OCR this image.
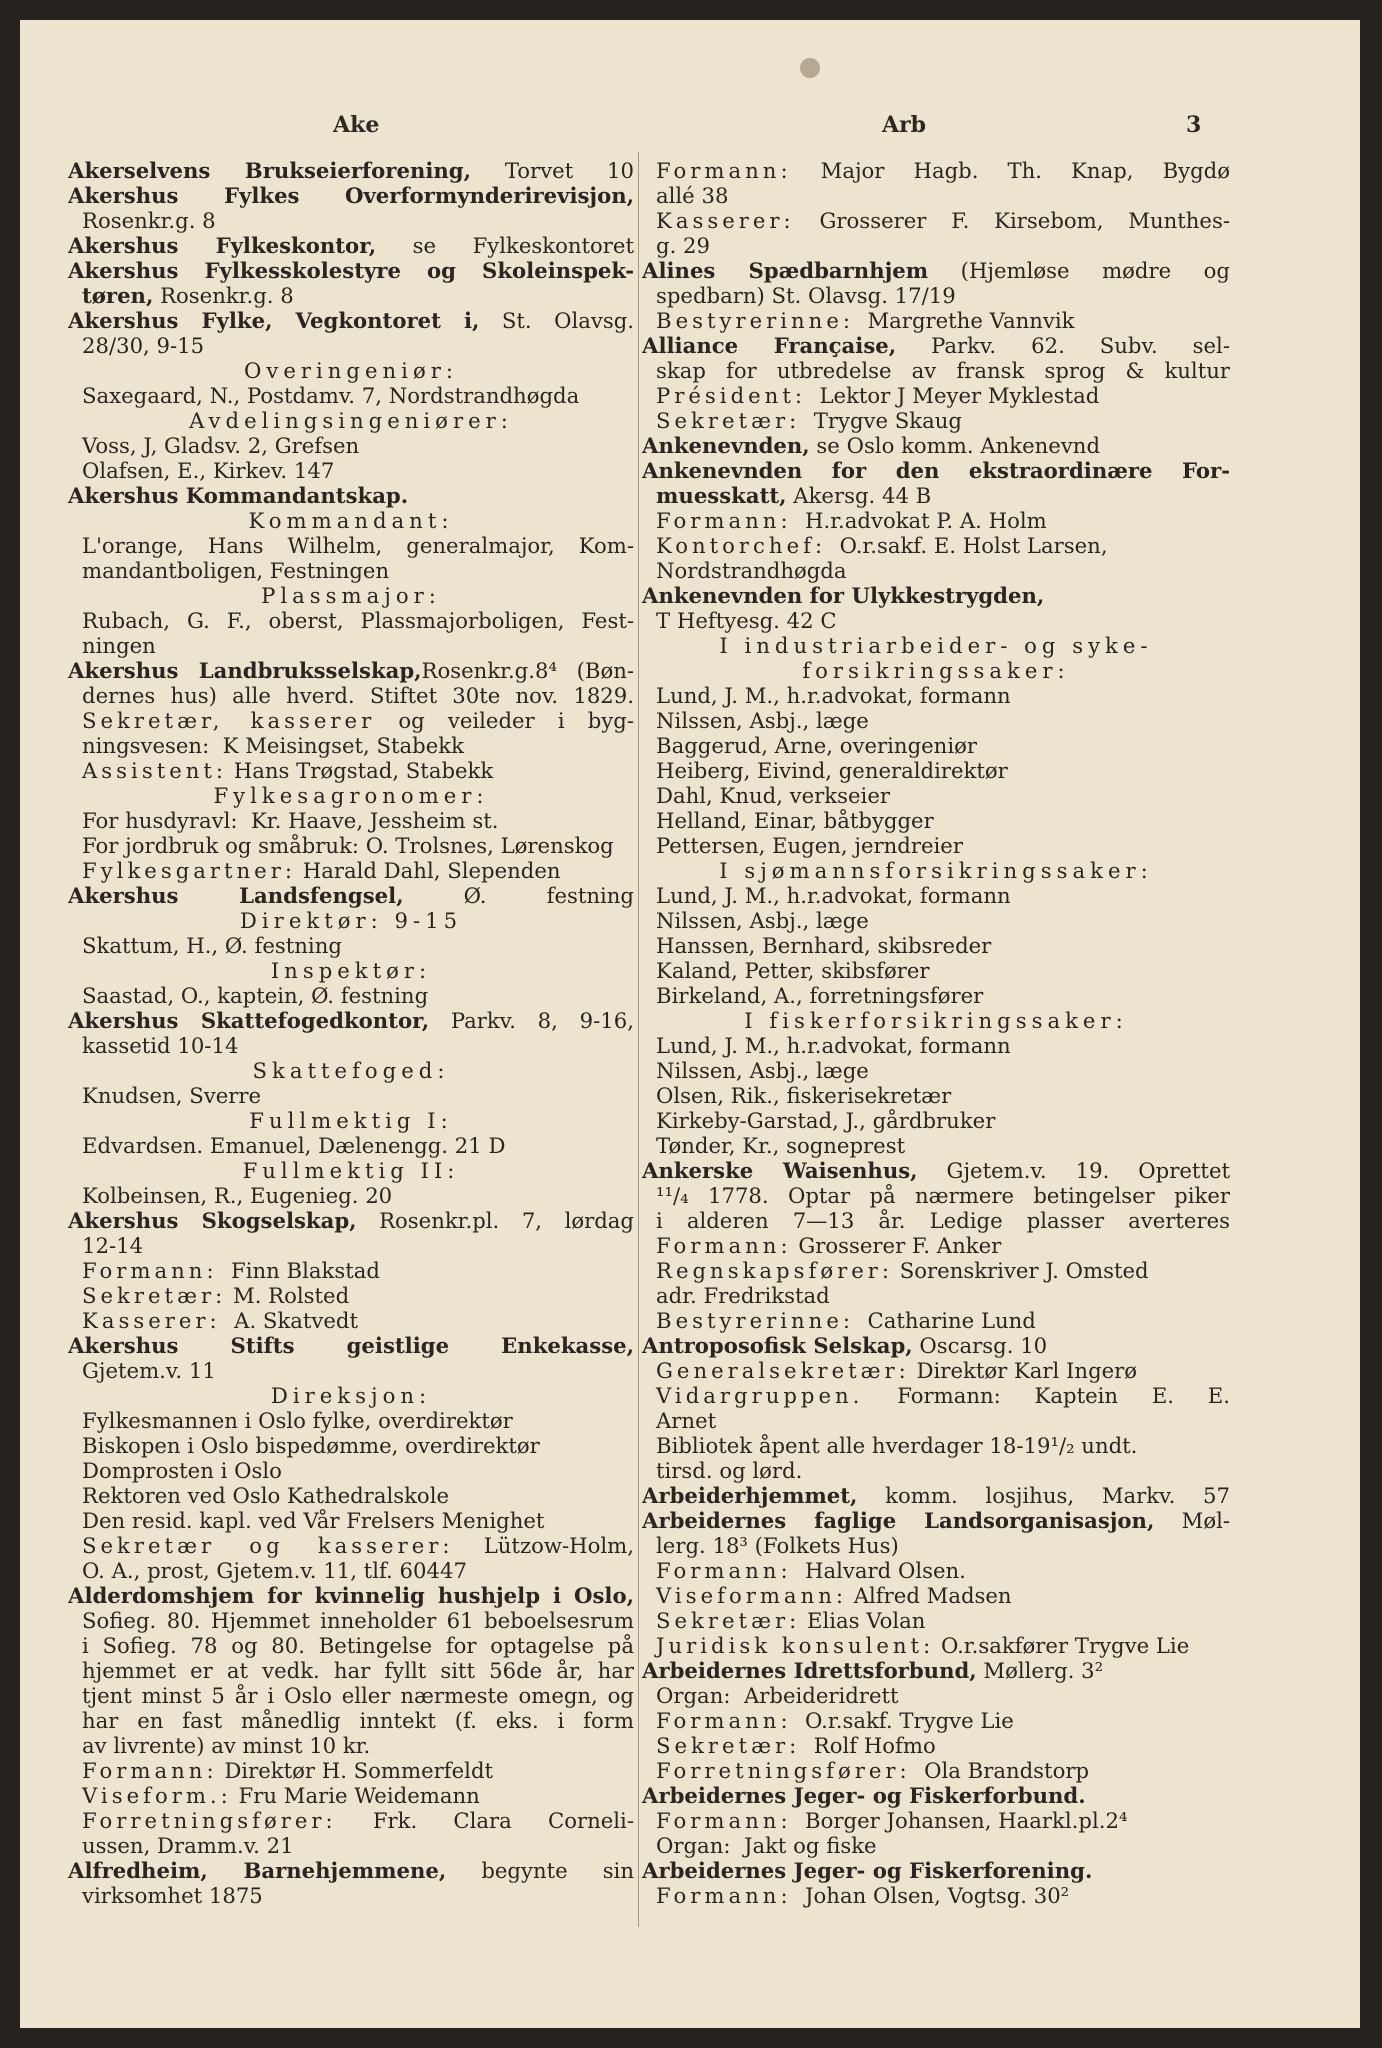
Ake	Arb	3
Akerselvens Brukseierforening, Torvet 10
Akershus Fylkes Overformynderirevisjon,
Rosenkr.g. 8
Akershus Fylkeskontor, se Fylkeskontoret
Akershus Fylkesskolestyre og Skoleinspek-
tøren, Rosenkr.g. 8
Akershus Fylke, Vegkontoret i, St. Olavsg.
28/30, 9-15
Overingeniør:
Saxegaard, N., Postdamv. 7, Nordstrandhøgda
Avdelingsingeniører:
Voss, J, Gladsv. 2, Grefsen
Olafsen, E., Kirkev. 147
Akershus Kommandantskap.
Kommandant:
L'orange, Hans Wilhelm, generalmajor, Kom-
mandantboligen, Festningen
Plassmajor:
Rubach, G. F., oberst, Plassmajorboligen, Fest-
ningen
Akershus Landbruksselskap,Rosenkr.g.8⁴ (Bøn-
dernes hus) alle hverd. Stiftet 30te nov. 1829.
Sekretær, kasserer og veileder i byg-
ningsvesen:  K Meisingset, Stabekk
Assistent: Hans Trøgstad, Stabekk
Fylkesagronomer:
For husdyravl:  Kr. Haave, Jessheim st.
For jordbruk og småbruk: O. Trolsnes, Lørenskog
Fylkesgartner: Harald Dahl, Slependen
Akershus Landsfengsel, Ø. festning
Direktør: 9-15
Skattum, H., Ø. festning
Inspektør:
Saastad, O., kaptein, Ø. festning
Akershus Skattefogedkontor, Parkv. 8, 9-16,
kassetid 10-14
Skattefoged:
Knudsen, Sverre
Fullmektig I:
Edvardsen. Emanuel, Dælenengg. 21 D
Fullmektig II:
Kolbeinsen, R., Eugenieg. 20
Akershus Skogselskap, Rosenkr.pl. 7, lørdag
12-14
Formann:  Finn Blakstad
Sekretær: M. Rolsted
Kasserer:  A. Skatvedt
Akershus Stifts geistlige Enkekasse,
Gjetem.v. 11
Direksjon:
Fylkesmannen i Oslo fylke, overdirektør
Biskopen i Oslo bispedømme, overdirektør
Domprosten i Oslo
Rektoren ved Oslo Kathedralskole
Den resid. kapl. ved Vår Frelsers Menighet
Sekretær og kasserer: Lützow-Holm,
O. A., prost, Gjetem.v. 11, tlf. 60447
Alderdomshjem for kvinnelig hushjelp i Oslo,
Sofieg. 80. Hjemmet inneholder 61 beboelsesrum
i Sofieg. 78 og 80. Betingelse for optagelse på
hjemmet er at vedk. har fyllt sitt 56de år, har
tjent minst 5 år i Oslo eller nærmeste omegn, og
har en fast månedlig inntekt (f. eks. i form
av livrente) av minst 10 kr.
Formann: Direktør H. Sommerfeldt
Viseform.: Fru Marie Weidemann
Forretningsfører: Frk. Clara Corneli-
ussen, Dramm.v. 21
Alfredheim, Barnehjemmene, begynte sin
virksomhet 1875
Formann: Major Hagb. Th. Knap, Bygdø
allé 38
Kasserer: Grosserer F. Kirsebom, Munthes-
g. 29
Alines Spædbarnhjem (Hjemløse mødre og
spedbarn) St. Olavsg. 17/19
Bestyrerinne:  Margrethe Vannvik
Alliance Française, Parkv. 62. Subv. sel-
skap for utbredelse av fransk sprog & kultur
Président:  Lektor J Meyer Myklestad
Sekretær:  Trygve Skaug
Ankenevnden, se Oslo komm. Ankenevnd
Ankenevnden for den ekstraordinære For-
muesskatt, Akersg. 44 B
Formann:  H.r.advokat P. A. Holm
Kontorchef:  O.r.sakf. E. Holst Larsen,
Nordstrandhøgda
Ankenevnden for Ulykkestrygden,
T Heftyesg. 42 C
I industriarbeider- og syke-
forsikringssaker:
Lund, J. M., h.r.advokat, formann
Nilssen, Asbj., læge
Baggerud, Arne, overingeniør
Heiberg, Eivind, generaldirektør
Dahl, Knud, verkseier
Helland, Einar, båtbygger
Pettersen, Eugen, jerndreier
I sjømannsforsikringssaker:
Lund, J. M., h.r.advokat, formann
Nilssen, Asbj., læge
Hanssen, Bernhard, skibsreder
Kaland, Petter, skibsfører
Birkeland, A., forretningsfører
I fiskerforsikringssaker:
Lund, J. M., h.r.advokat, formann
Nilssen, Asbj., læge
Olsen, Rik., fiskerisekretær
Kirkeby-Garstad, J., gårdbruker
Tønder, Kr., sogneprest
Ankerske Waisenhus, Gjetem.v. 19. Oprettet
¹¹/₄ 1778. Optar på nærmere betingelser piker
i alderen 7—13 år. Ledige plasser averteres
Formann: Grosserer F. Anker
Regnskapsfører: Sorenskriver J. Omsted
adr. Fredrikstad
Bestyrerinne:  Catharine Lund
Antroposofisk Selskap, Oscarsg. 10
Generalsekretær: Direktør Karl Ingerø
Vidargruppen. Formann: Kaptein E. E.
Arnet
Bibliotek åpent alle hverdager 18-19¹/₂ undt.
tirsd. og lørd.
Arbeiderhjemmet, komm. losjihus, Markv. 57
Arbeidernes faglige Landsorganisasjon, Møl-
lerg. 18³ (Folkets Hus)
Formann:  Halvard Olsen.
Viseformann: Alfred Madsen
Sekretær: Elias Volan
Juridisk konsulent: O.r.sakfører Trygve Lie
Arbeidernes Idrettsforbund, Møllerg. 3²
Organ:  Arbeideridrett
Formann:  O.r.sakf. Trygve Lie
Sekretær:  Rolf Hofmo
Forretningsfører:  Ola Brandstorp
Arbeidernes Jeger- og Fiskerforbund.
Formann:  Borger Johansen, Haarkl.pl.2⁴
Organ:  Jakt og fiske
Arbeidernes Jeger- og Fiskerforening.
Formann:  Johan Olsen, Vogtsg. 30²
